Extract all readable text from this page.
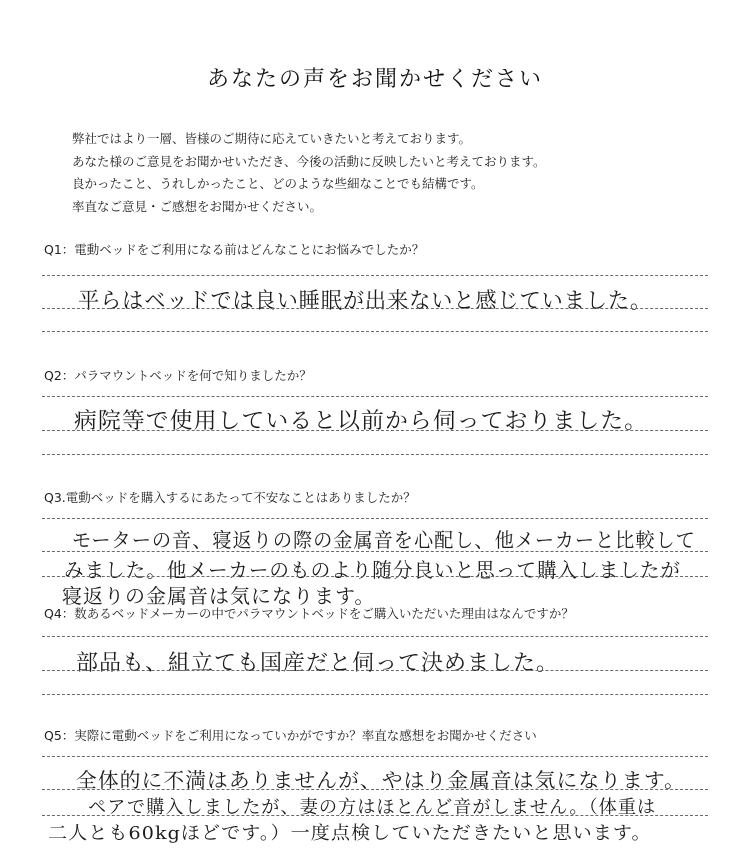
あなたの声をお聞かせください
弊社ではより一層、皆様のご期待に応えていきたいと考えております。
あなた様のご意見をお聞かせいただき、今後の活動に反映したいと考えております。
良かったこと、うれしかったこと、どのような些細なことでも結構です。
率直なご意見・ご感想をお聞かせください。
Q1：電動ベッドをご利用になる前はどんなことにお悩みでしたか？
平らはベッドでは良い睡眠が出来ないと感じていました。
Q2：パラマウントベッドを何で知りましたか？
病院等で使用していると以前から伺っておりました。
Q3.電動ベッドを購入するにあたって不安なことはありましたか？
モーターの音、寝返りの際の金属音を心配し、他メーカーと比較して
みました。他メーカーのものより随分良いと思って購入しましたが
寝返りの金属音は気になります。
Q4：数あるベッドメーカーの中でパラマウントベッドをご購入いただいた理由はなんですか？
部品も、組立ても国産だと伺って決めました。
Q5：実際に電動ベッドをご利用になっていかがですか？率直な感想をお聞かせください
全体的に不満はありませんが、やはり金属音は気になります。
ペアで購入しましたが、妻の方はほとんど音がしません。（体重は
二人とも60kgほどです。）一度点検していただきたいと思います。
